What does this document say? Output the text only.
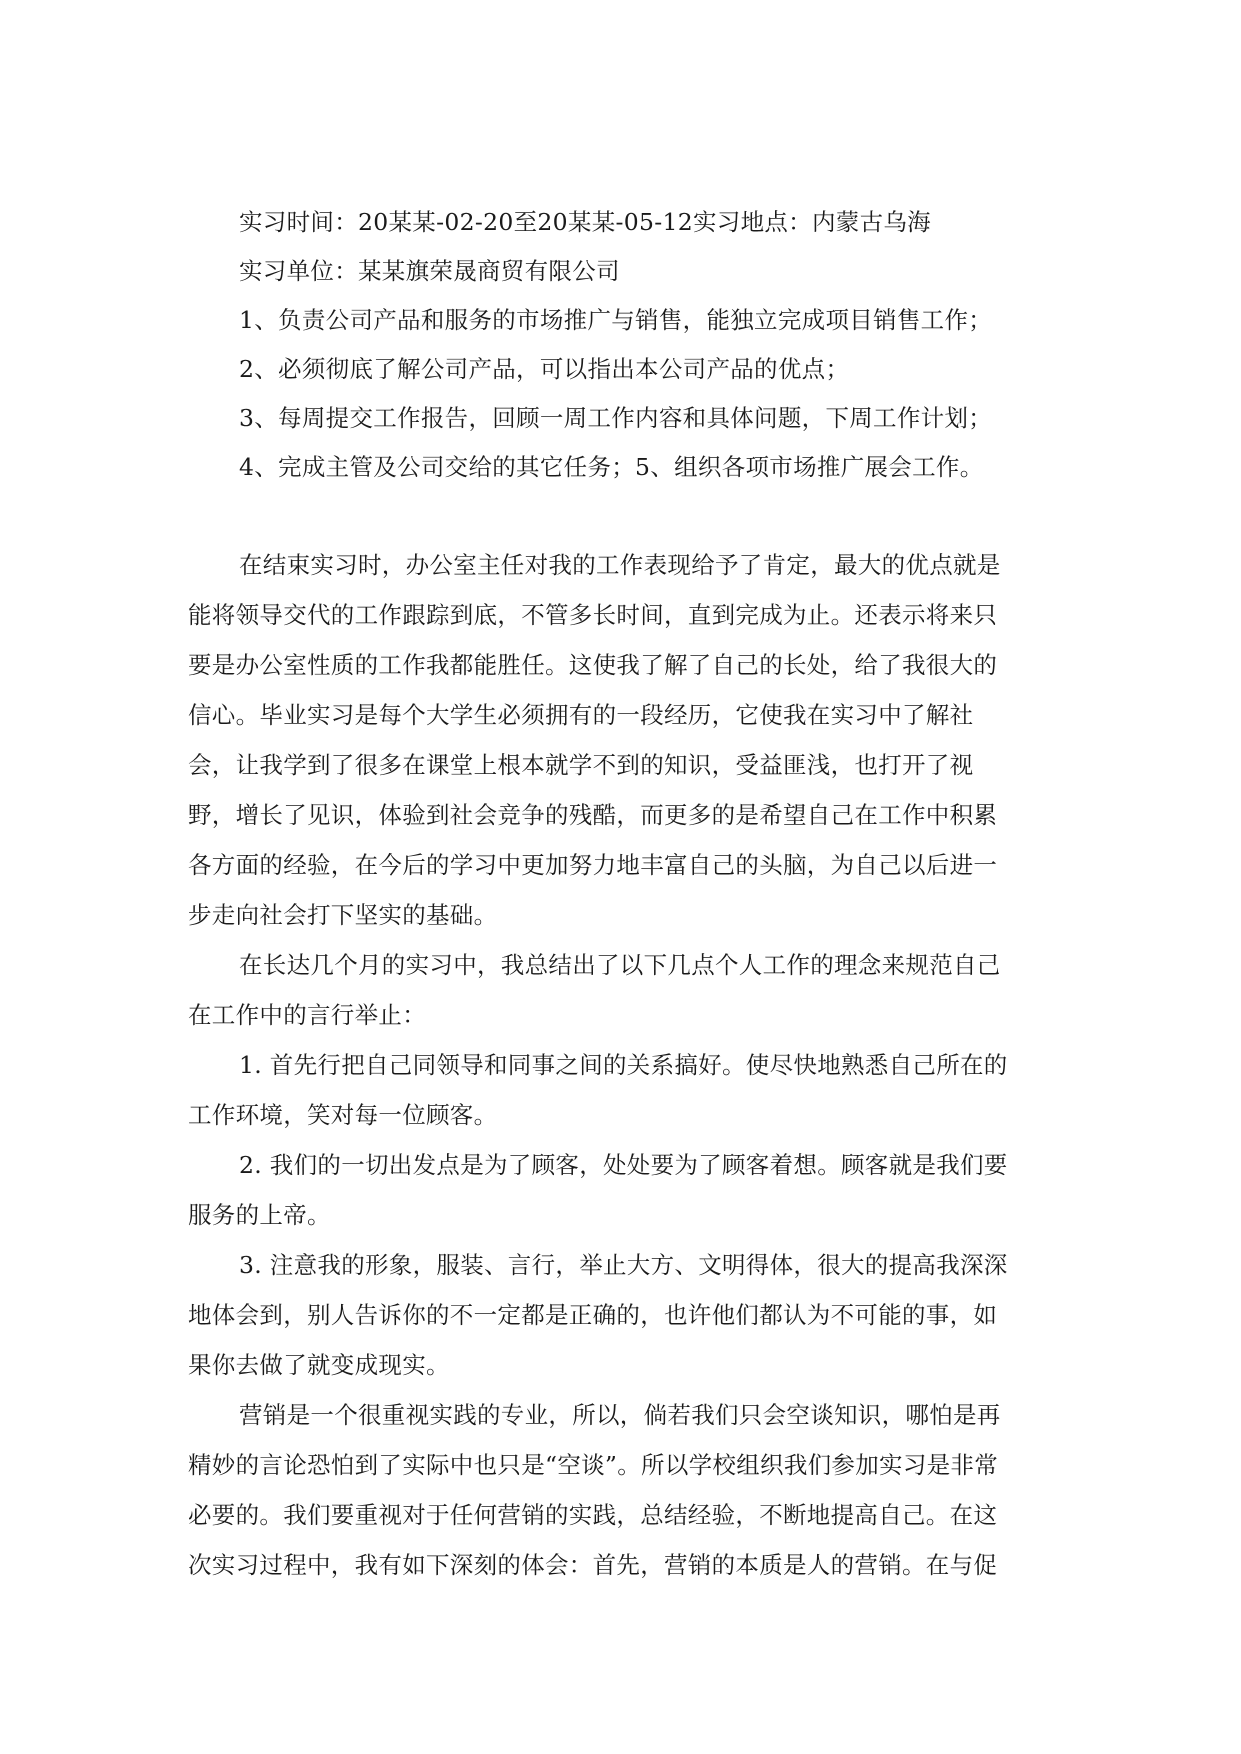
实习时间：20某某-02-20至20某某-05-12实习地点：内蒙古乌海
实习单位：某某旗荣晟商贸有限公司
1、负责公司产品和服务的市场推广与销售，能独立完成项目销售工作；
2、必须彻底了解公司产品，可以指出本公司产品的优点；
3、每周提交工作报告，回顾一周工作内容和具体问题，下周工作计划；
4、完成主管及公司交给的其它任务；5、组织各项市场推广展会工作。
在结束实习时，办公室主任对我的工作表现给予了肯定，最大的优点就是
能将领导交代的工作跟踪到底，不管多长时间，直到完成为止。还表示将来只
要是办公室性质的工作我都能胜任。这使我了解了自己的长处，给了我很大的
信心。毕业实习是每个大学生必须拥有的一段经历，它使我在实习中了解社
会，让我学到了很多在课堂上根本就学不到的知识，受益匪浅，也打开了视
野，增长了见识，体验到社会竞争的残酷，而更多的是希望自己在工作中积累
各方面的经验，在今后的学习中更加努力地丰富自己的头脑，为自己以后进一
步走向社会打下坚实的基础。
在长达几个月的实习中，我总结出了以下几点个人工作的理念来规范自己
在工作中的言行举止：
1. 首先行把自己同领导和同事之间的关系搞好。使尽快地熟悉自己所在的
工作环境，笑对每一位顾客。
2. 我们的一切出发点是为了顾客，处处要为了顾客着想。顾客就是我们要
服务的上帝。
3. 注意我的形象，服装、言行，举止大方、文明得体，很大的提高我深深
地体会到，别人告诉你的不一定都是正确的，也许他们都认为不可能的事，如
果你去做了就变成现实。
营销是一个很重视实践的专业，所以，倘若我们只会空谈知识，哪怕是再
精妙的言论恐怕到了实际中也只是“空谈”。所以学校组织我们参加实习是非常
必要的。我们要重视对于任何营销的实践，总结经验，不断地提高自己。在这
次实习过程中，我有如下深刻的体会：首先，营销的本质是人的营销。在与促
